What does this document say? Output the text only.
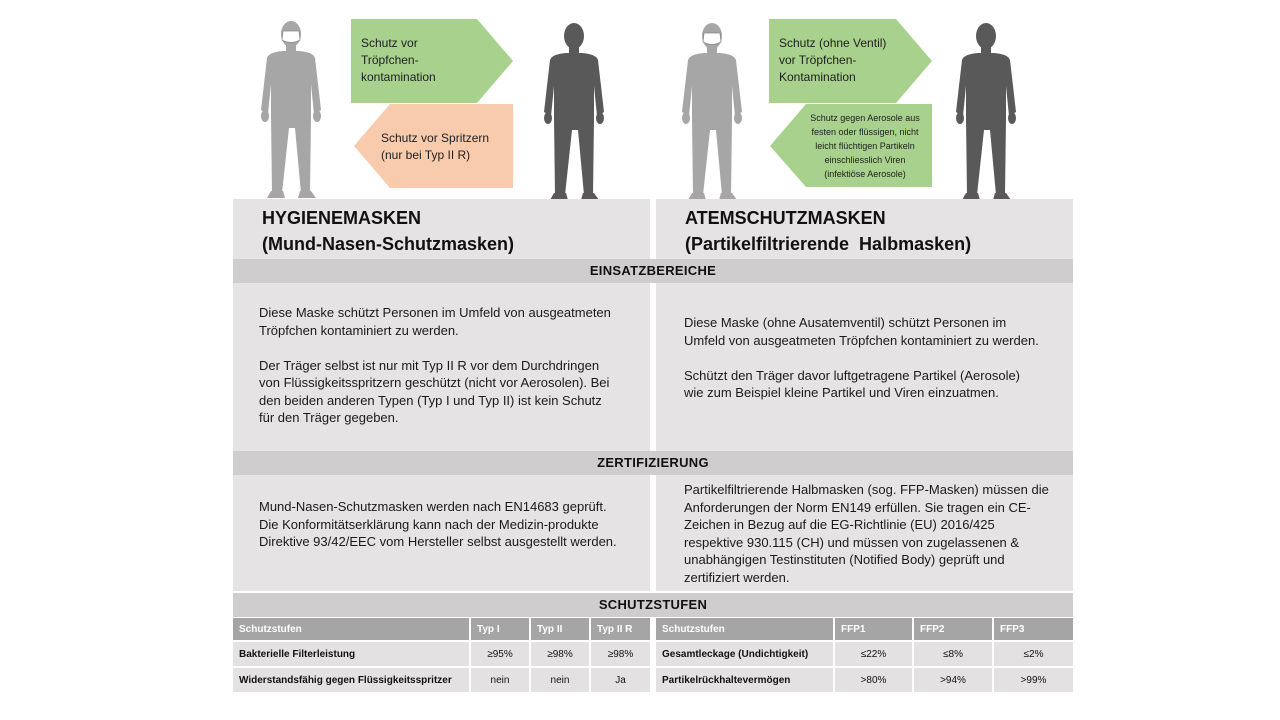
Schutz vor
Tröpfchen-
kontamination
Schutz vor Spritzern
(nur bei Typ II R)
Schutz (ohne Ventil)
vor Tröpfchen-
Kontamination
Schutz gegen Aerosole aus
festen oder flüssigen, nicht
leicht flüchtigen Partikeln
einschliesslich Viren
(infektiöse Aerosole)
HYGIENEMASKEN
(Mund-Nasen-Schutzmasken)
ATEMSCHUTZMASKEN
(Partikelfiltrierende  Halbmasken)
EINSATZBEREICHE
ZERTIFIZIERUNG
SCHUTZSTUFEN

Diese Maske schützt Personen im Umfeld von ausgeatmeten Tröpfchen kontaminiert zu werden.

Der Träger selbst ist nur mit Typ II R vor dem Durchdringen von Flüssigkeitsspritzern geschützt (nicht vor Aerosolen). Bei den beiden anderen Typen (Typ I und Typ II) ist kein Schutz für den Träger gegeben.

Diese Maske (ohne Ausatemventil) schützt Personen im Umfeld von ausgeatmeten Tröpfchen kontaminiert zu werden.

Schützt den Träger davor luftgetragene Partikel (Aerosole) wie zum Beispiel kleine Partikel und Viren einzuatmen.

Mund-Nasen-Schutzmasken werden nach EN14683 geprüft. Die Konformitätserklärung kann nach der Medizin-produkte Direktive 93/42/EEC vom Hersteller selbst ausgestellt werden.
Partikelfiltrierende Halbmasken (sog. FFP-Masken) müssen die Anforderungen der Norm EN149 erfüllen. Sie tragen ein CE-Zeichen in Bezug auf die EG-Richtlinie (EU) 2016/425 respektive 930.115 (CH) und müssen von zugelassenen & unabhängigen Testinstituten (Notified Body) geprüft und zertifiziert werden.
Schutzstufen	Typ I	Typ II	Typ II R
Bakterielle Filterleistung	≥95%	≥98%	≥98%
Widerstandsfähig gegen Flüssigkeitsspritzer	nein	nein	Ja
Schutzstufen	FFP1	FFP2	FFP3
Gesamtleckage (Undichtigkeit)	≤22%	≤8%	≤2%
Partikelrückhaltevermögen	>80%	>94%	>99%
